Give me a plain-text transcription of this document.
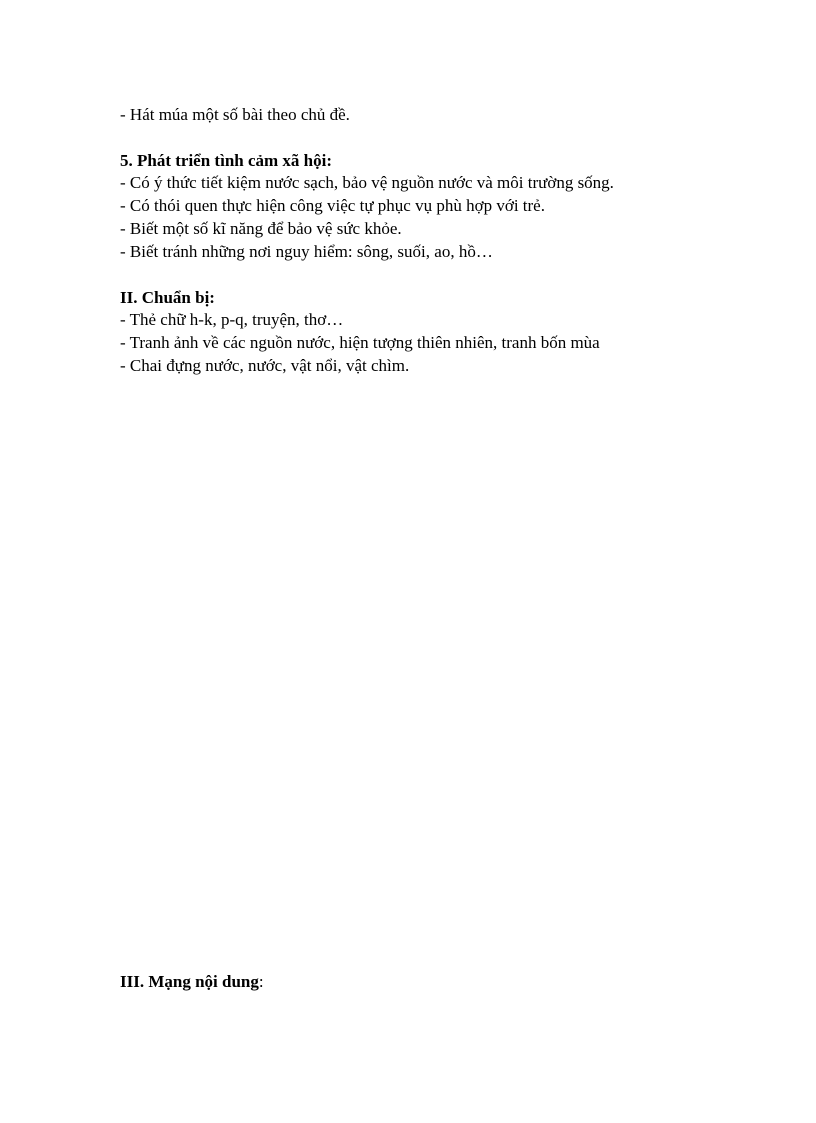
- Hát múa một số bài theo chủ đề.
5. Phát triển tình cảm xã hội:
- Có ý thức tiết kiệm nước sạch, bảo vệ nguồn nước và môi trường sống.
- Có thói quen thực hiện công việc tự phục vụ phù hợp với trẻ.
- Biết một số kĩ năng để bảo vệ sức khỏe.
- Biết tránh những nơi nguy hiểm: sông, suối, ao, hồ…
II. Chuẩn bị:
- Thẻ chữ h-k, p-q, truyện, thơ…
- Tranh ảnh về các nguồn nước, hiện tượng thiên nhiên, tranh bốn mùa
- Chai đựng nước, nước, vật nổi, vật chìm.
III. Mạng nội dung:
